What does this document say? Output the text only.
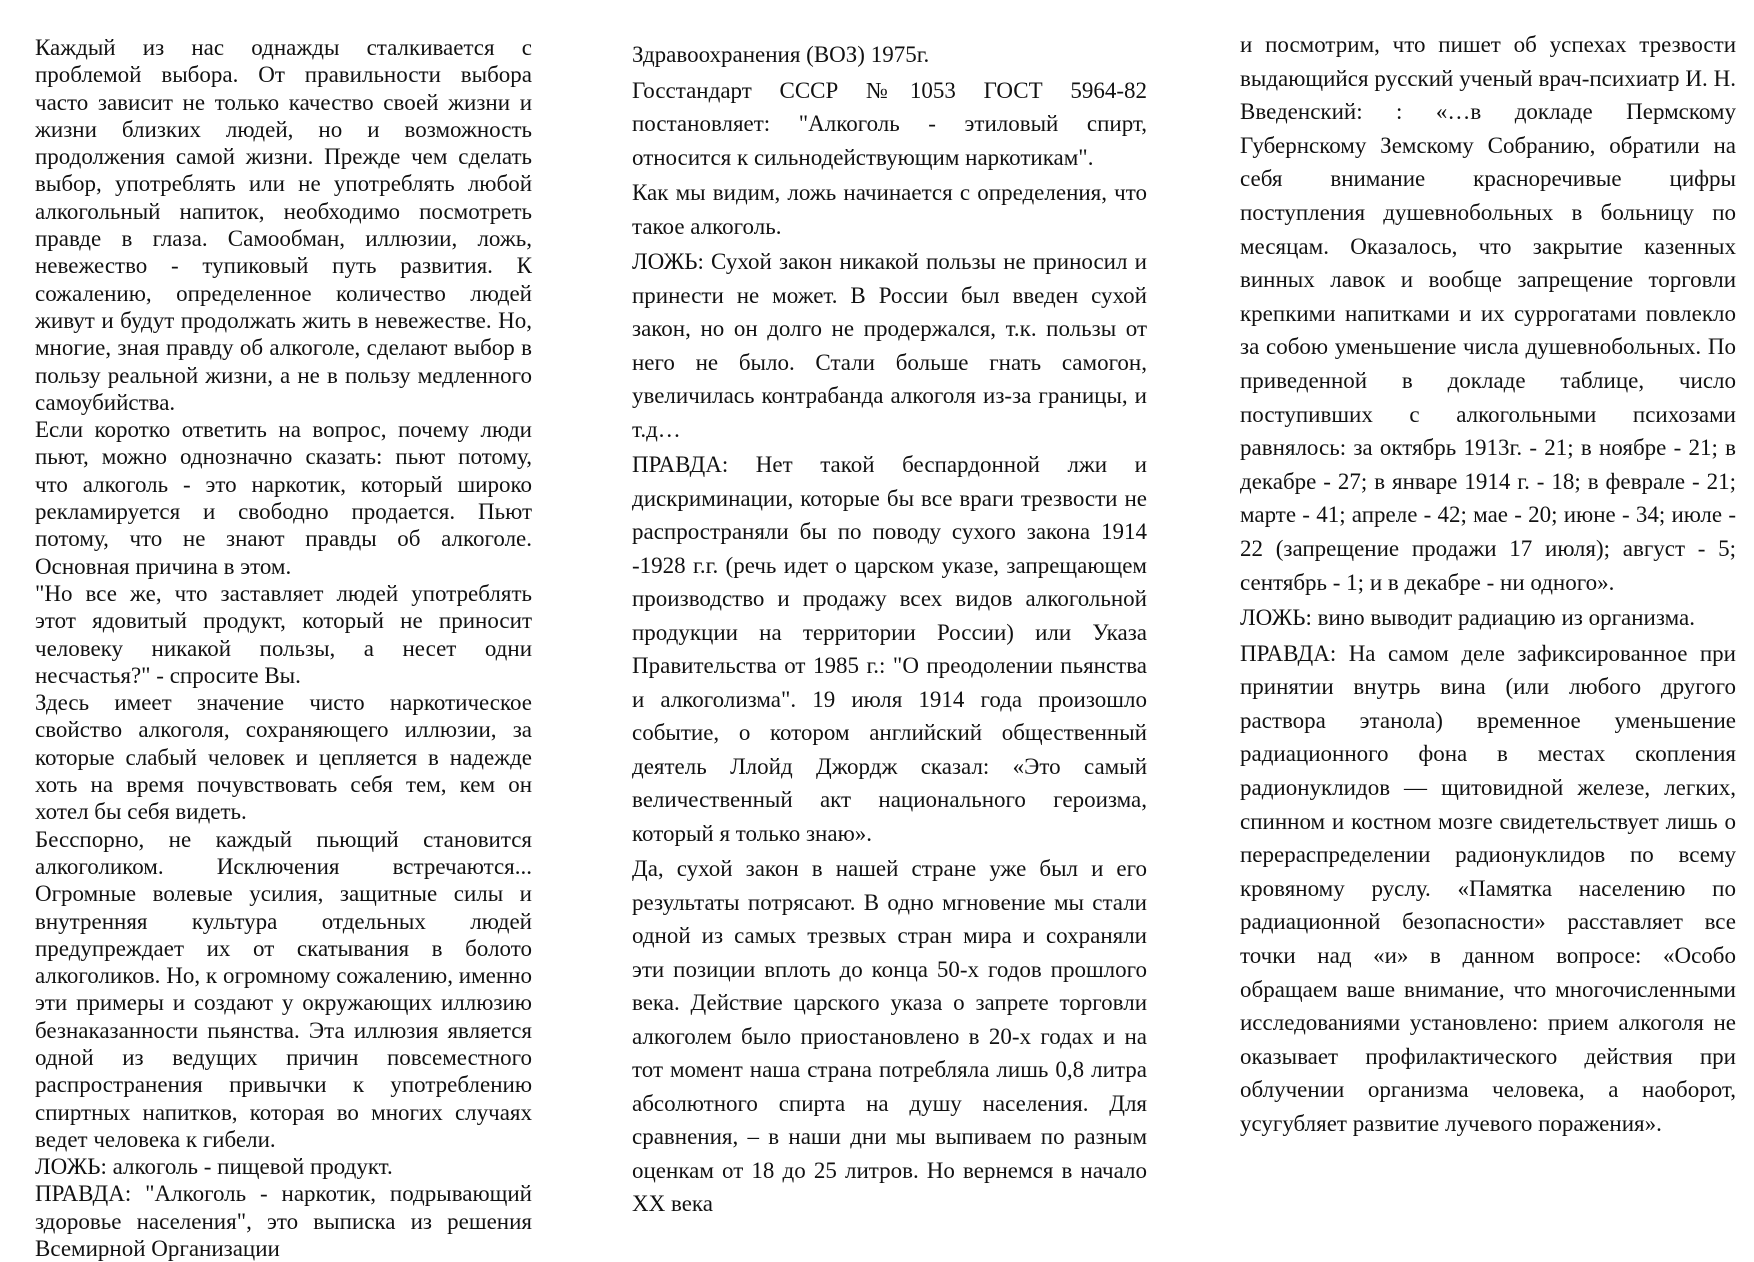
Каждый из нас однажды сталкивается с проблемой выбора. От правильности выбора часто зависит не только качество своей жизни и жизни близких людей, но и возможность продолжения самой жизни. Прежде чем сделать выбор, употреблять или не употреблять любой алкогольный напиток, необходимо посмотреть правде в глаза. Самообман, иллюзии, ложь, невежество - тупиковый путь развития. К сожалению, определенное количество людей живут и будут продолжать жить в невежестве. Но, многие, зная правду об алкоголе, сделают выбор в пользу реальной жизни, а не в пользу медленного самоубийства.

Если коротко ответить на вопрос, почему люди пьют, можно однозначно сказать: пьют потому, что алкоголь - это наркотик, который широко рекламируется и свободно продается. Пьют потому, что не знают правды об алкоголе. Основная причина в этом.

"Но все же, что заставляет людей употреблять этот ядовитый продукт, который не приносит человеку никакой пользы, а несет одни несчастья?" - спросите Вы.

Здесь имеет значение чисто наркотическое свойство алкоголя, сохраняющего иллюзии, за которые слабый человек и цепляется в надежде хоть на время почувствовать себя тем, кем он хотел бы себя видеть.

Бесспорно, не каждый пьющий становится алкоголиком. Исключения встречаются... Огромные волевые усилия, защитные силы и внутренняя культура отдельных людей предупреждает их от скатывания в болото алкоголиков. Но, к огромному сожалению, именно эти примеры и создают у окружающих иллюзию безнаказанности пьянства. Эта иллюзия является одной из ведущих причин повсеместного распространения привычки к употреблению спиртных напитков, которая во многих случаях ведет человека к гибели.

ЛОЖЬ: алкоголь - пищевой продукт.

ПРАВДА: "Алкоголь - наркотик, подрывающий здоровье населения", это выписка из решения Всемирной Организации

Здравоохранения (ВОЗ) 1975г.

Госстандарт СССР №1053 ГОСТ 5964-82 постановляет: "Алкоголь - этиловый спирт, относится к сильнодействующим наркотикам".

Как мы видим, ложь начинается с определения, что такое алкоголь.

ЛОЖЬ: Сухой закон никакой пользы не приносил и принести не может. В России был введен сухой закон, но он долго не продержался, т.к. пользы от него не было. Стали больше гнать самогон, увеличилась контрабанда алкоголя из-за границы, и т.д…

ПРАВДА: Нет такой беспардонной лжи и дискриминации, которые бы все враги трезвости не распространяли бы по поводу сухого закона 1914 -1928 г.г. (речь идет о царском указе, запрещающем производство и продажу всех видов алкогольной продукции на территории России) или Указа Правительства от 1985 г.: "О преодолении пьянства и алкоголизма". 19 июля 1914 года произошло событие, о котором английский общественный деятель Ллойд Джордж сказал: «Это самый величественный акт национального героизма, который я только знаю».

Да, сухой закон в нашей стране уже был и его результаты потрясают. В одно мгновение мы стали одной из самых трезвых стран мира и сохраняли эти позиции вплоть до конца 50-х годов прошлого века. Действие царского указа о запрете торговли алкоголем было приостановлено в 20-х годах и на тот момент наша страна потребляла лишь 0,8 литра абсолютного спирта на душу населения. Для сравнения, – в наши дни мы выпиваем по разным оценкам от 18 до 25 литров. Но вернемся в начало XX века

и посмотрим, что пишет об успехах трезвости выдающийся русский ученый врач-психиатр И. Н. Введенский: : «…в докладе Пермскому Губернскому Земскому Собранию, обратили на себя внимание красноречивые цифры поступления душевнобольных в больницу по месяцам. Оказалось, что закрытие казенных винных лавок и вообще запрещение торговли крепкими напитками и их суррогатами повлекло за собою уменьшение числа душевнобольных. По приведенной в докладе таблице, число поступивших с алкогольными психозами равнялось: за октябрь 1913г. - 21; в ноябре - 21; в декабре - 27; в январе 1914 г. - 18; в феврале - 21; марте - 41; апреле - 42; мае - 20; июне - 34; июле - 22 (запрещение продажи 17 июля); август - 5; сентябрь - 1; и в декабре - ни одного».

ЛОЖЬ: вино выводит радиацию из организма.

ПРАВДА: На самом деле зафиксированное при принятии внутрь вина (или любого другого раствора этанола) временное уменьшение радиационного фона в местах скопления радионуклидов — щитовидной железе, легких, спинном и костном мозге свидетельствует лишь о перераспределении радионуклидов по всему кровяному руслу. «Памятка населению по радиационной безопасности» расставляет все точки над «и» в данном вопросе: «Особо обращаем ваше внимание, что многочисленными исследованиями установлено: прием алкоголя не оказывает профилактического действия при облучении организма человека, а наоборот, усугубляет развитие лучевого поражения».
